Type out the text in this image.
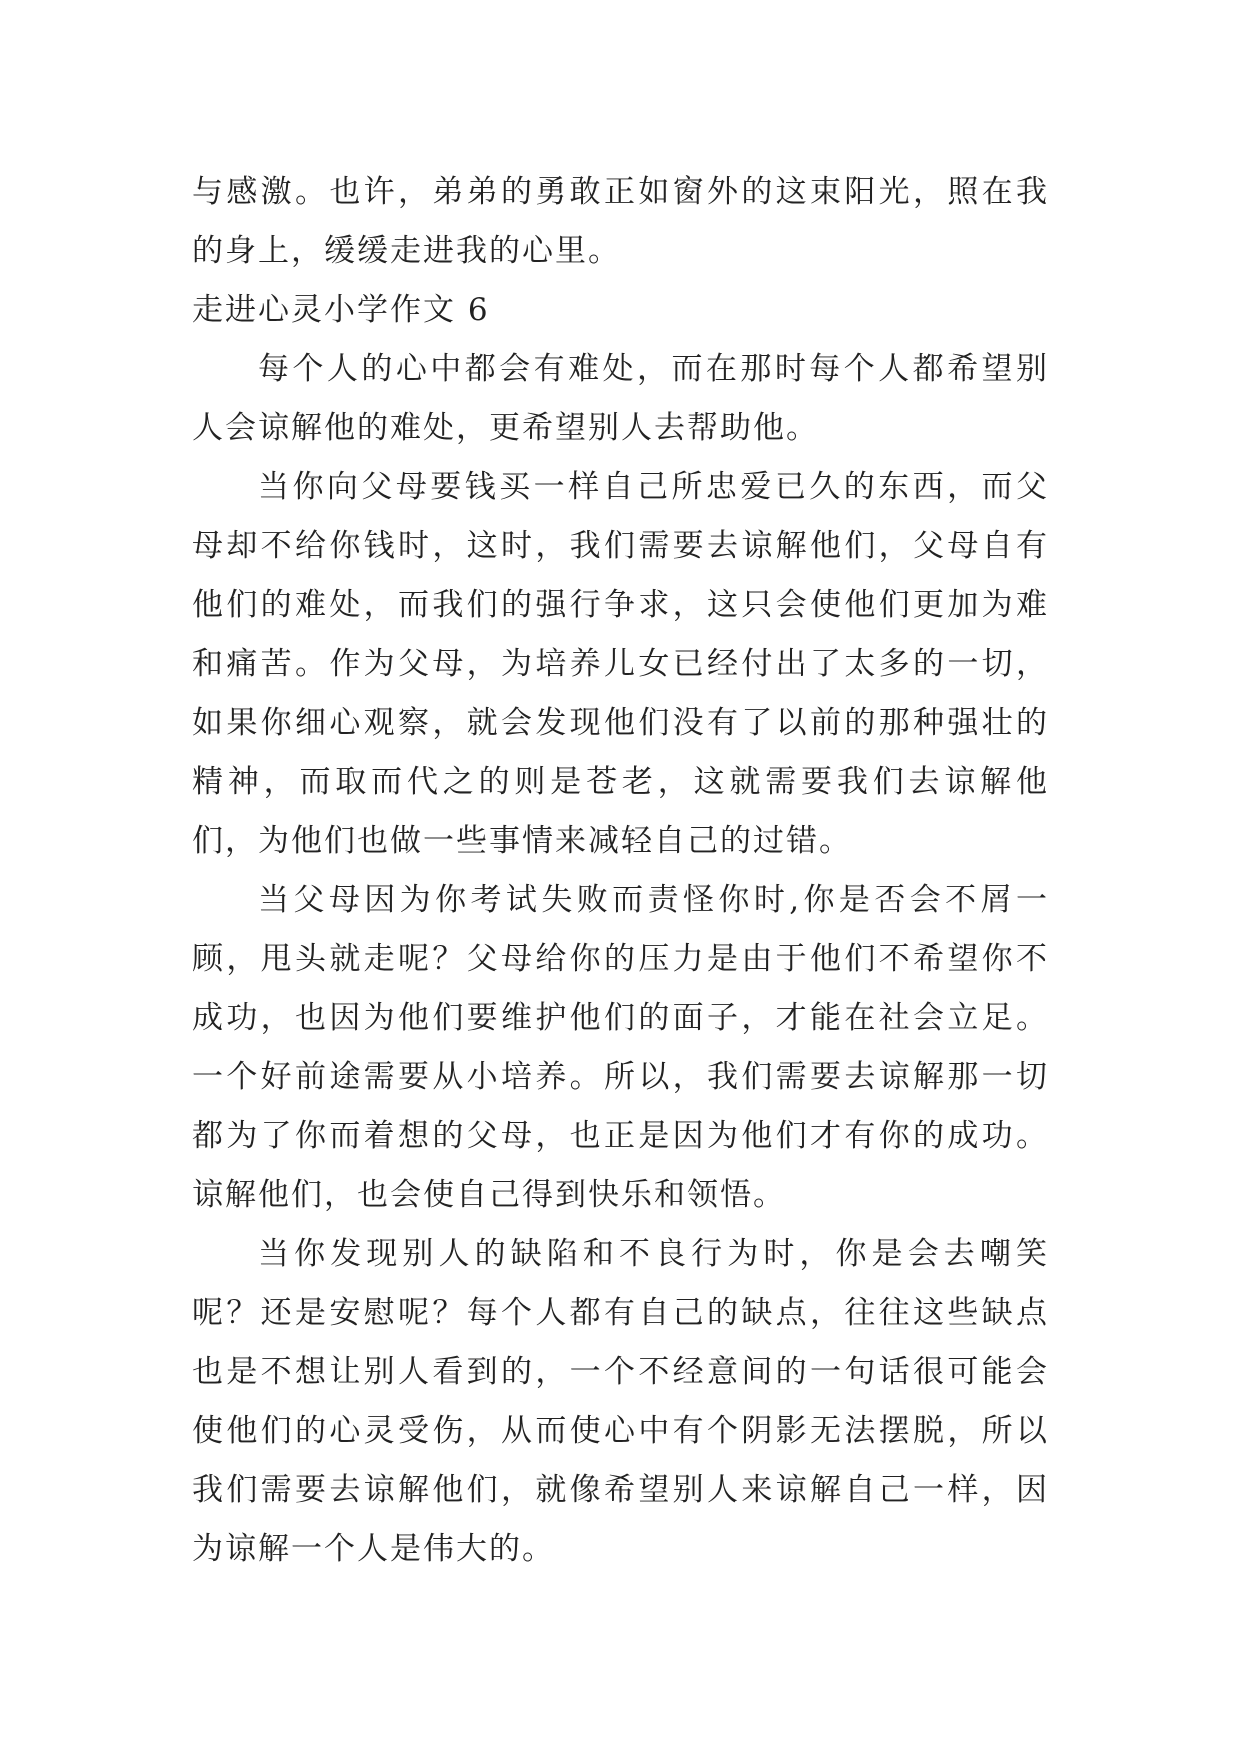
与感激。也许，弟弟的勇敢正如窗外的这束阳光，照在我的身上，缓缓走进我的心里。

走进心灵小学作文 6

每个人的心中都会有难处，而在那时每个人都希望别人会谅解他的难处，更希望别人去帮助他。

当你向父母要钱买一样自己所忠爱已久的东西，而父母却不给你钱时，这时，我们需要去谅解他们，父母自有他们的难处，而我们的强行争求，这只会使他们更加为难和痛苦。作为父母，为培养儿女已经付出了太多的一切，如果你细心观察，就会发现他们没有了以前的那种强壮的精神，而取而代之的则是苍老，这就需要我们去谅解他们，为他们也做一些事情来减轻自己的过错。

当父母因为你考试失败而责怪你时,你是否会不屑一顾，甩头就走呢？父母给你的压力是由于他们不希望你不成功，也因为他们要维护他们的面子，才能在社会立足。一个好前途需要从小培养。所以，我们需要去谅解那一切都为了你而着想的父母，也正是因为他们才有你的成功。谅解他们，也会使自己得到快乐和领悟。

当你发现别人的缺陷和不良行为时，你是会去嘲笑呢？还是安慰呢？每个人都有自己的缺点，往往这些缺点也是不想让别人看到的，一个不经意间的一句话很可能会使他们的心灵受伤，从而使心中有个阴影无法摆脱，所以我们需要去谅解他们，就像希望别人来谅解自己一样，因为谅解一个人是伟大的。
